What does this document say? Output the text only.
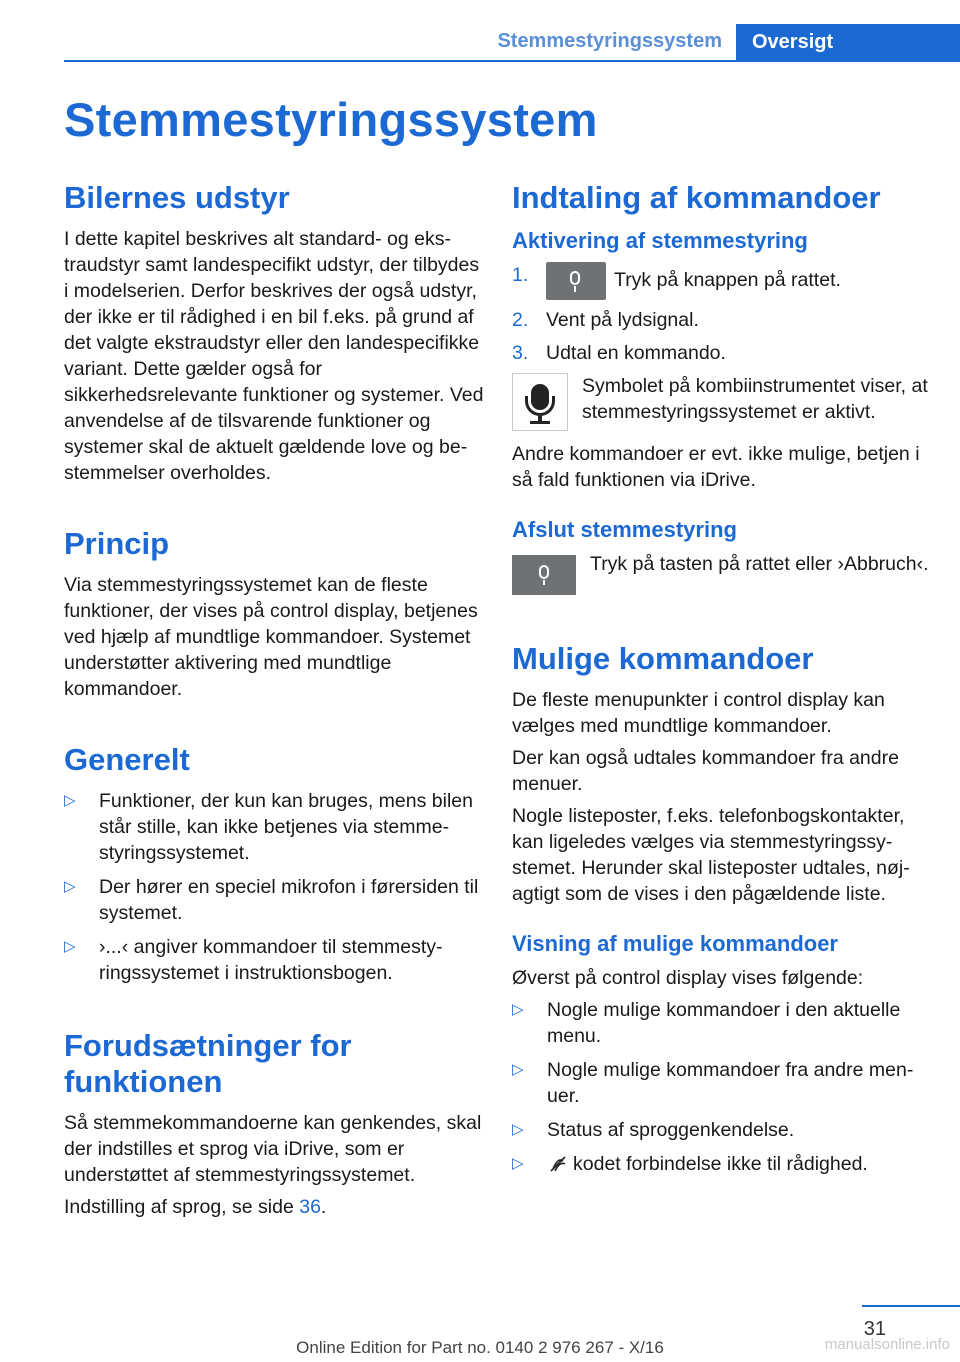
Stemmestyringssystem	Oversigt
Stemmestyringssystem
Bilernes udstyr

I dette kapitel beskrives alt standard- og ekstraudstyr samt landespecifikt udstyr, der tilbydes i modelserien. Derfor beskrives der også udstyr, der ikke er til rådighed i en bil f.eks. på grund af det valgte ekstraudstyr eller den landespecifikke variant. Dette gælder også for sikkerhedsrelevante funktioner og systemer. Ved anvendelse af de tilsvarende funktioner og systemer skal de aktuelt gældende love og bestemmelser overholdes.

Princip

Via stemmestyringssystemet kan de fleste funktioner, der vises på control display, betjenes ved hjælp af mundtlige kommandoer. Systemet understøtter aktivering med mundtlige kommandoer.

Generelt
▷ Funktioner, der kun kan bruges, mens bilen står stille, kan ikke betjenes via stemmestyringssystemet.
▷ Der hører en speciel mikrofon i førersiden til systemet.
▷ ›...‹ angiver kommandoer til stemmestyringssystemet i instruktionsbogen.
Forudsætninger for funktionen

Så stemmekommandoerne kan genkendes, skal der indstilles et sprog via iDrive, som er understøttet af stemmestyringssystemet.

Indstilling af sprog, se side 36.

Indtaling af kommandoer
Aktivering af stemmestyring
1.	Tryk på knappen på rattet.
2. Vent på lydsignal.
3. Udtal en kommando.

Symbolet på kombiinstrumentet viser, at stemmestyringssystemet er aktivt.

Andre kommandoer er evt. ikke mulige, betjen i så fald funktionen via iDrive.

Afslut stemmestyring

Tryk på tasten på rattet eller ›Abbruch‹.

Mulige kommandoer

De fleste menupunkter i control display kan vælges med mundtlige kommandoer.

Der kan også udtales kommandoer fra andre menuer.

Nogle listeposter, f.eks. telefonbogskontakter, kan ligeledes vælges via stemmestyringssystemet. Herunder skal listeposter udtales, nøjagtigt som de vises i den pågældende liste.

Visning af mulige kommandoer

Øverst på control display vises følgende:

▷ Nogle mulige kommandoer i den aktuelle menu.
▷ Nogle mulige kommandoer fra andre menuer.
▷ Status af sproggenkendelse.
▷	kodet forbindelse ikke til rådighed.
31
Online Edition for Part no. 0140 2 976 267 - X/16	manualsonline.info
